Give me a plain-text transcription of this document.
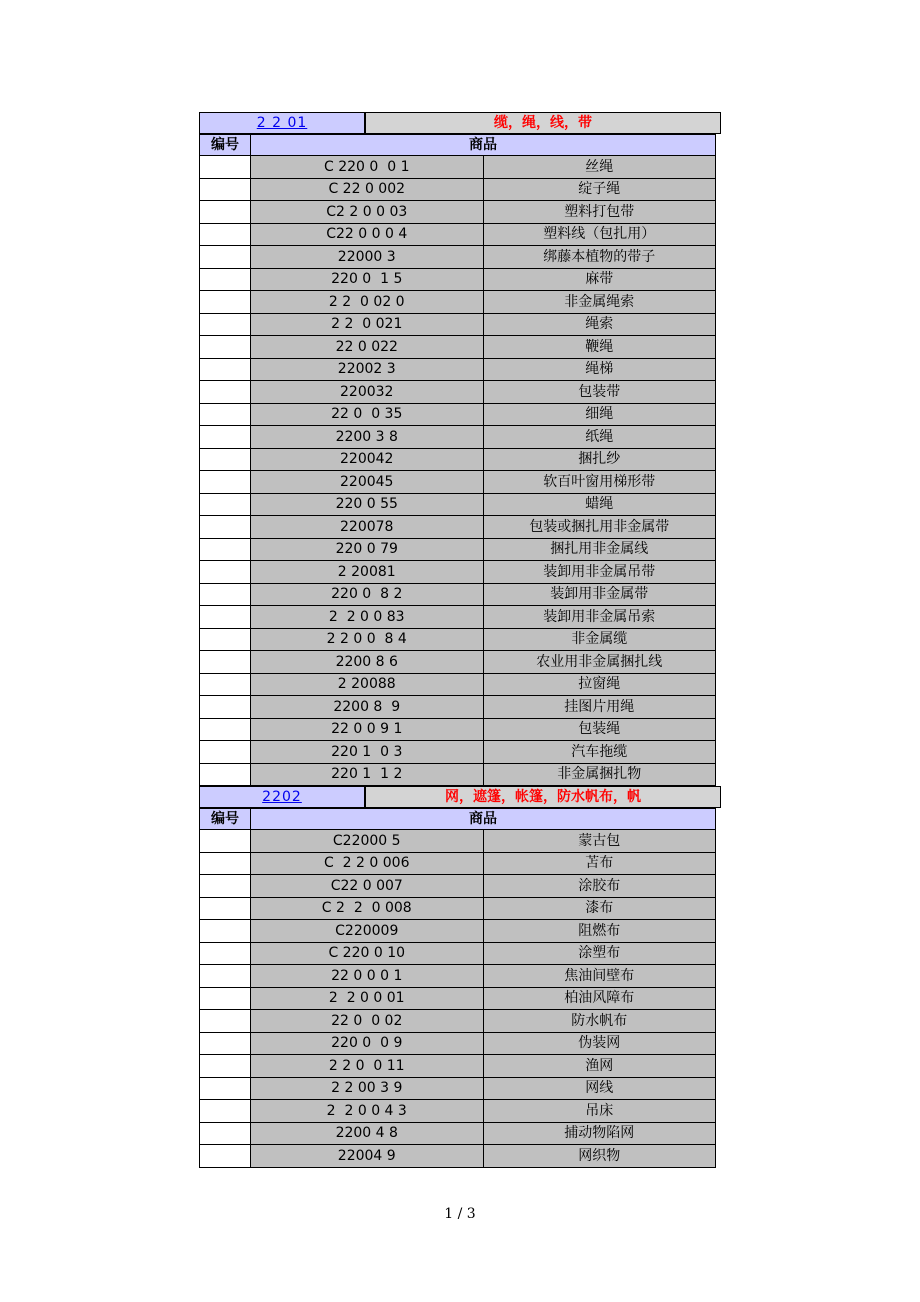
2 2 01	缆，绳，线，带
编号	商品	
	C 220 0  0 1	丝绳
	C 22 0 002	绽子绳
	C2 2 0 0 03	塑料打包带
	C22 0 0 0 4	塑料线（包扎用）
	22000 3	绑藤本植物的带子
	220 0  1 5	麻带
	2 2  0 02 0	非金属绳索
	2 2  0 021	绳索
	22 0 022	鞭绳
	22002 3	绳梯
	220032	包装带
	22 0  0 35	细绳
	2200 3 8	纸绳
	220042	捆扎纱
	220045	软百叶窗用梯形带
	220 0 55	蜡绳
	220078	包装或捆扎用非金属带
	220 0 79	捆扎用非金属线
	2 20081	装卸用非金属吊带
	220 0  8 2	装卸用非金属带
	2  2 0 0 83	装卸用非金属吊索
	2 2 0 0  8 4	非金属缆
	2200 8 6	农业用非金属捆扎线
	2 20088	拉窗绳
	2200 8  9	挂图片用绳
	22 0 0 9 1	包装绳
	220 1  0 3	汽车拖缆
	220 1  1 2	非金属捆扎物
2202	网，遮篷，帐篷，防水帆布，帆
编号	商品	
	C22000 5	蒙古包
	C  2 2 0 006	苫布
	C22 0 007	涂胶布
	C 2  2  0 008	漆布
	C220009	阻燃布
	C 220 0 10	涂塑布
	22 0 0 0 1	焦油间壁布
	2  2 0 0 01	柏油风障布
	22 0  0 02	防水帆布
	220 0  0 9	伪装网
	2 2 0  0 11	渔网
	2 2 00 3 9	网线
	2  2 0 0 4 3	吊床
	2200 4 8	捕动物陷网
	22004 9	网织物
1 / 3
